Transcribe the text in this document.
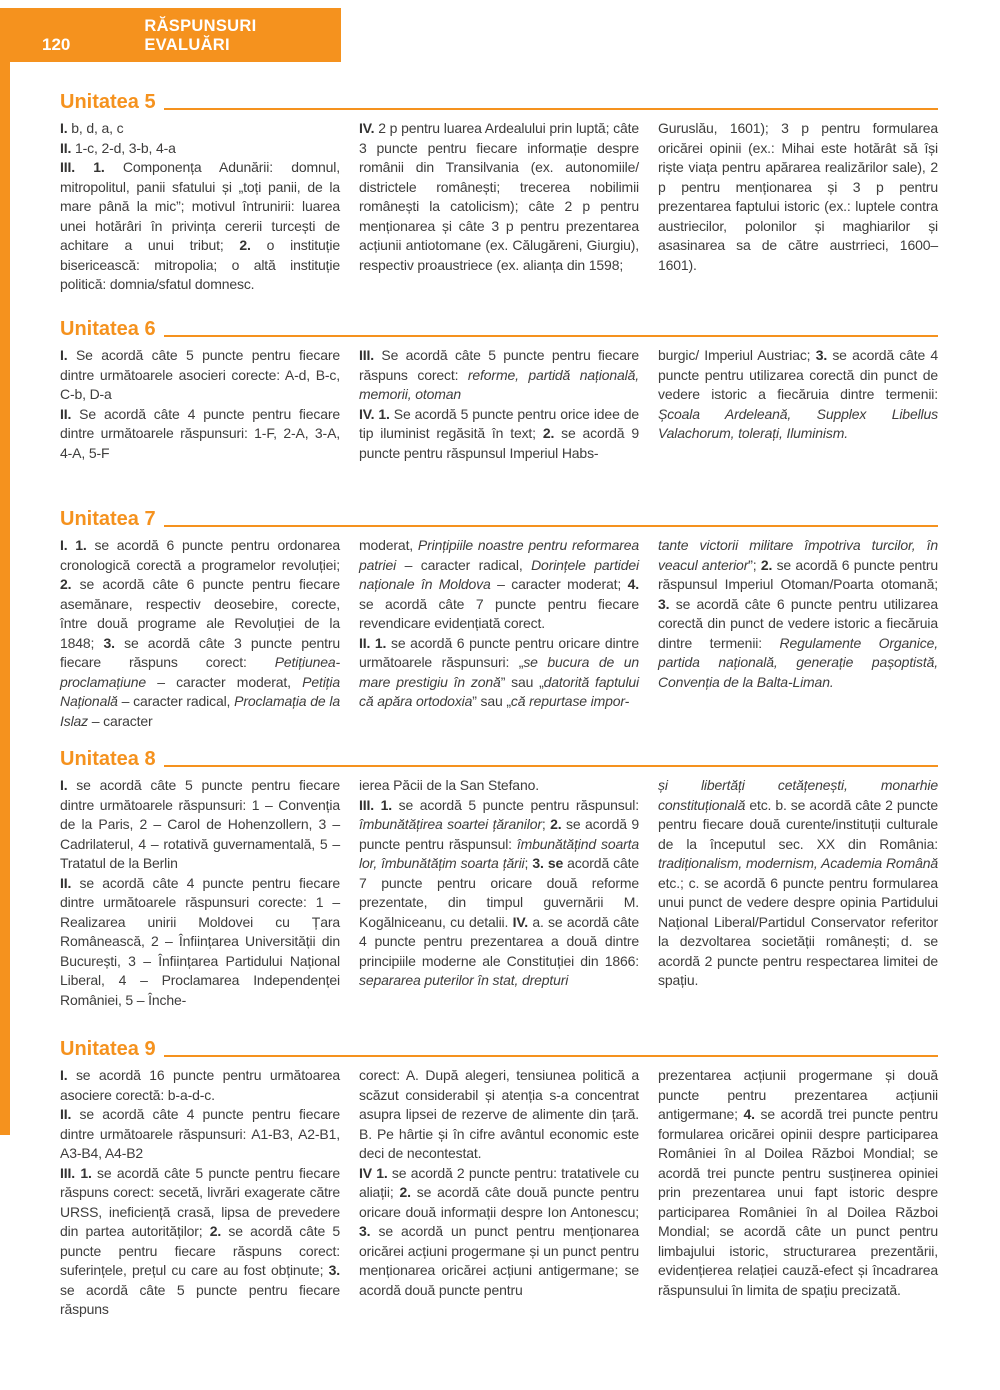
120
RĂSPUNSURI EVALUĂRI
Unitatea 5

I. b, d, a, c

II. 1-c, 2-d, 3-b, 4-a

III. 1. Componența Adunării: domnul, mitropolitul, panii sfatului și „toți panii, de la mare până la mic”; motivul întrunirii: luarea unei hotărâri în privința cererii turcești de achitare a unui tribut; 2. o instituție bisericească: mitropolia; o altă instituție politică: domnia/sfatul domnesc.

IV. 2 p pentru luarea Ardealului prin luptă; câte 3 puncte pentru fiecare informație despre românii din Transilvania (ex. autonomiile/ districtele românești; trecerea nobilimii românești la catolicism); câte 2 p pentru menționarea și câte 3 p pentru prezentarea acțiunii antiotomane (ex. Călugăreni, Giurgiu), respectiv proaustriece (ex. alianța din 1598;

Guruslău, 1601); 3 p pentru formularea oricărei opinii (ex.: Mihai este hotărât să își riște viața pentru apărarea realizărilor sale), 2 p pentru menționarea și 3 p pentru prezentarea faptului istoric (ex.: luptele contra austriecilor, polonilor și maghiarilor și asasinarea sa de către austrrieci, 1600–1601).

Unitatea 6

I. Se acordă câte 5 puncte pentru fiecare dintre următoarele asocieri corecte: A-d, B-c, C-b, D-a

II. Se acordă câte 4 puncte pentru fiecare dintre următoarele răspunsuri: 1-F, 2-A, 3-A, 4-A, 5-F

III. Se acordă câte 5 puncte pentru fiecare răspuns corect: reforme, partidă națională, memorii, otoman

IV. 1. Se acordă 5 puncte pentru orice idee de tip iluminist regăsită în text; 2. se acordă 9 puncte pentru răspunsul Imperiul Habs-

burgic/ Imperiul Austriac; 3. se acordă câte 4 puncte pentru utilizarea corectă din punct de vedere istoric a fiecăruia dintre termenii: Școala Ardeleană, Supplex Libellus Valachorum, tolerați, Iluminism.

Unitatea 7

I. 1. se acordă 6 puncte pentru ordonarea cronologică corectă a programelor revoluției; 2. se acordă câte 6 puncte pentru fiecare asemănare, respectiv deosebire, corecte, între două programe ale Revoluției de la 1848; 3. se acordă câte 3 puncte pentru fiecare răspuns corect: Petițiunea-proclamațiune – caracter moderat, Petiția Națională – caracter radical, Proclamația de la Islaz – caracter

moderat, Prințipiile noastre pentru reformarea patriei – caracter radical, Dorințele partidei naționale în Moldova – caracter moderat; 4. se acordă câte 7 puncte pentru fiecare revendicare evidențiată corect.

II. 1. se acordă 6 puncte pentru oricare dintre următoarele răspunsuri: „se bucura de un mare prestigiu în zonă” sau „datorită faptului că apăra ortodoxia” sau „că repurtase impor-

tante victorii militare împotriva turcilor, în veacul anterior”; 2. se acordă 6 puncte pentru răspunsul Imperiul Otoman/Poarta otomană; 3. se acordă câte 6 puncte pentru utilizarea corectă din punct de vedere istoric a fiecăruia dintre termenii: Regulamente Organice, partida națională, generație pașoptistă, Convenția de la Balta-Liman.

Unitatea 8

I. se acordă câte 5 puncte pentru fiecare dintre următoarele răspunsuri: 1 – Convenția de la Paris, 2 – Carol de Hohenzollern, 3 – Cadrilaterul, 4 – rotativă guvernamentală, 5 – Tratatul de la Berlin

II. se acordă câte 4 puncte pentru fiecare dintre următoarele răspunsuri corecte: 1 – Realizarea unirii Moldovei cu Țara Românească, 2 – Înființarea Universității din București, 3 – Înființarea Partidului Național Liberal, 4 – Proclamarea Independenței României, 5 – Înche-

ierea Păcii de la San Stefano.

III. 1. se acordă 5 puncte pentru răspunsul: îmbunătățirea soartei țăranilor; 2. se acordă 9 puncte pentru răspunsul: îmbunătățind soarta lor, îmbunătățim soarta țării; 3. se acordă câte 7 puncte pentru oricare două reforme prezentate, din timpul guvernării M. Kogălniceanu, cu detalii. IV. a. se acordă câte 4 puncte pentru prezentarea a două dintre principiile moderne ale Constituției din 1866: separarea puterilor în stat, drepturi

și libertăți cetățenești, monarhie constituțională etc. b. se acordă câte 2 puncte pentru fiecare două curente/instituții culturale de la începutul sec. XX din România: tradiționalism, modernism, Academia Română etc.; c. se acordă 6 puncte pentru formularea unui punct de vedere despre opinia Partidului Național Liberal/Partidul Conservator referitor la dezvoltarea societății românești; d. se acordă 2 puncte pentru respectarea limitei de spațiu.

Unitatea 9

I. se acordă 16 puncte pentru următoarea asociere corectă: b-a-d-c.

II. se acordă câte 4 puncte pentru fiecare dintre următoarele răspunsuri: A1-B3, A2-B1, A3-B4, A4-B2

III. 1. se acordă câte 5 puncte pentru fiecare răspuns corect: secetă, livrări exagerate către URSS, ineficiență crasă, lipsa de prevedere din partea autorităților; 2. se acordă câte 5 puncte pentru fiecare răspuns corect: suferințele, prețul cu care au fost obținute; 3. se acordă câte 5 puncte pentru fiecare răspuns

corect: A. După alegeri, tensiunea politică a scăzut considerabil și atenția s-a concentrat asupra lipsei de rezerve de alimente din țară. B. Pe hârtie și în cifre avântul economic este deci de necontestat.

IV 1. se acordă 2 puncte pentru: tratativele cu aliații; 2. se acordă câte două puncte pentru oricare două informații despre Ion Antonescu; 3. se acordă un punct pentru menționarea oricărei acțiuni progermane și un punct pentru menționarea oricărei acțiuni antigermane; se acordă două puncte pentru

prezentarea acțiunii progermane și două puncte pentru prezentarea acțiunii antigermane; 4. se acordă trei puncte pentru formularea oricărei opinii despre participarea României în al Doilea Război Mondial; se acordă trei puncte pentru susținerea opiniei prin prezentarea unui fapt istoric despre participarea României în al Doilea Război Mondial; se acordă câte un punct pentru limbajului istoric, structurarea prezentării, evidențierea relației cauză-efect și încadrarea răspunsului în limita de spațiu precizată.
